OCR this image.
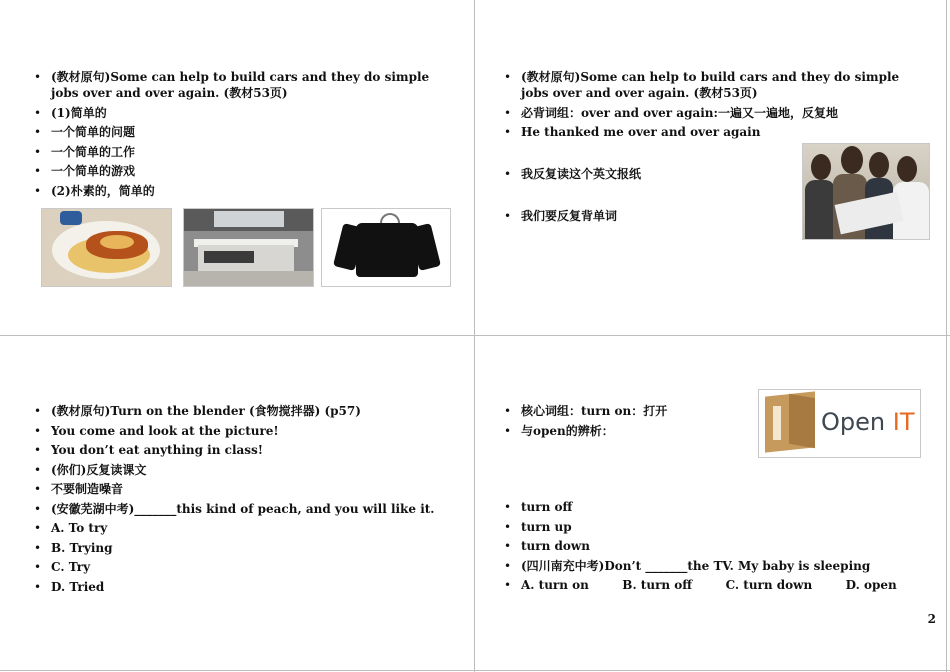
• (教材原句)Some can help to build cars and they do simple jobs over and over again. (教材53页)
• (1)简单的
• 一个简单的问题
• 一个简单的工作
• 一个简单的游戏
• (2)朴素的，简单的
• (教材原句)Some can help to build cars and they do simple jobs over and over again. (教材53页)
• 必背词组：over and over again:一遍又一遍地，反复地
• He thanked me over and over again
• 我反复读这个英文报纸
• 我们要反复背单词
• (教材原句)Turn on the blender (食物搅拌器) (p57)
• You come and look at the picture!
• You don’t eat anything in class!
• (你们)反复读课文
• 不要制造噪音
• (安徽芜湖中考)_______this kind of peach, and you will like it.
• A. To try
• B. Trying
• C. Try
• D. Tried
• 核心词组：turn on：打开
• 与open的辨析：	Open IT
• turn off
• turn up
• turn down
• (四川南充中考)Don’t _______the TV. My baby is sleeping
• A. turn on        B. turn off        C. turn down        D. open
2
